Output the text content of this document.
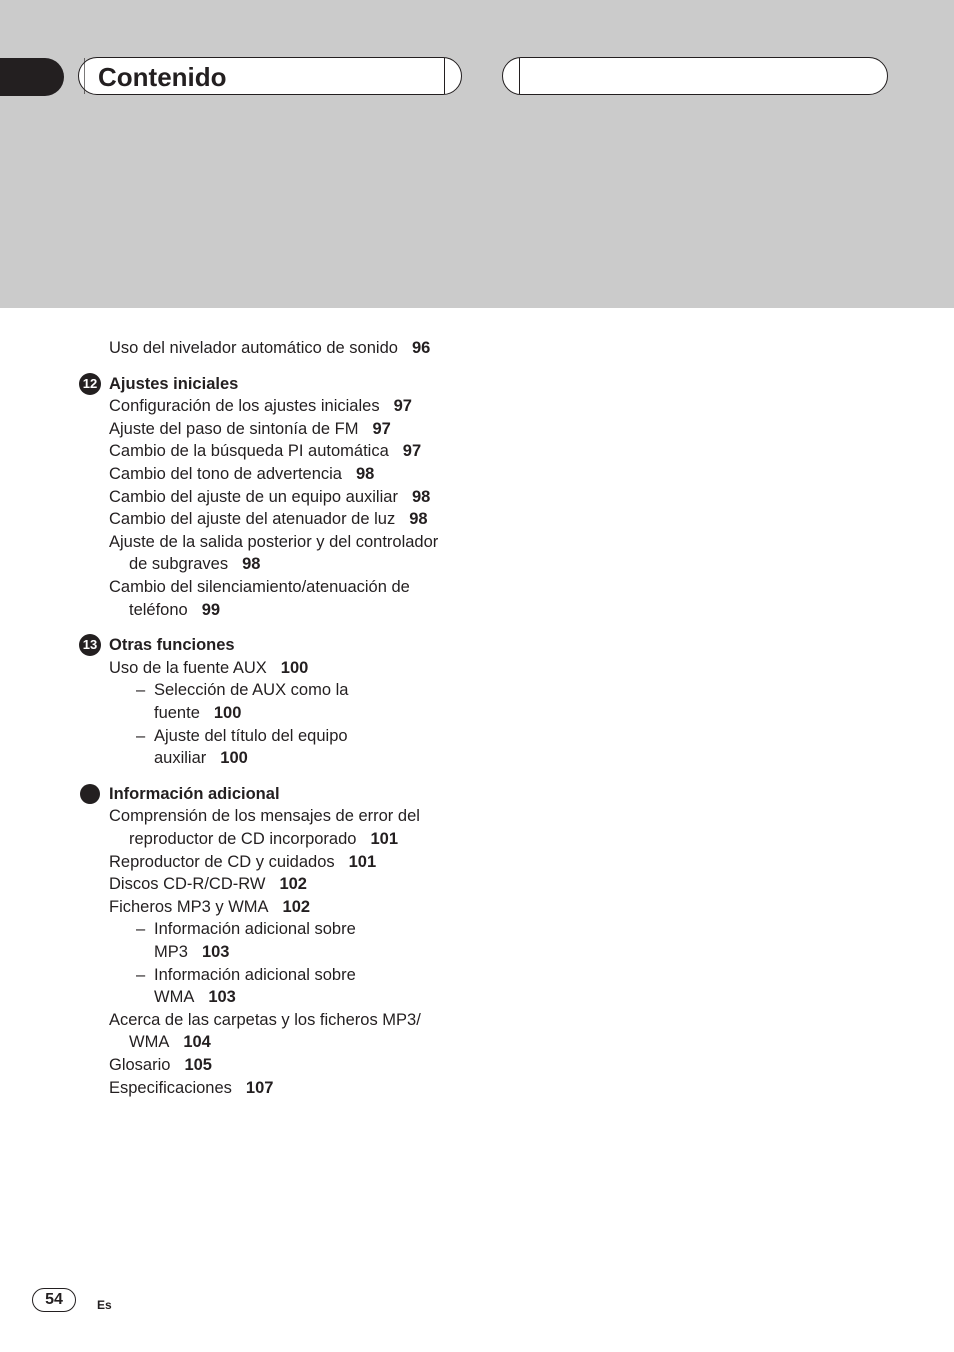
Contenido
Uso del nivelador automático de sonido 96
12 Ajustes iniciales
Configuración de los ajustes iniciales 97
Ajuste del paso de sintonía de FM 97
Cambio de la búsqueda PI automática 97
Cambio del tono de advertencia 98
Cambio del ajuste de un equipo auxiliar 98
Cambio del ajuste del atenuador de luz 98
Ajuste de la salida posterior y del controlador
de subgraves 98
Cambio del silenciamiento/atenuación de
teléfono 99
13 Otras funciones
Uso de la fuente AUX 100
– Selección de AUX como la
fuente 100
– Ajuste del título del equipo
auxiliar 100
Información adicional
Comprensión de los mensajes de error del
reproductor de CD incorporado 101
Reproductor de CD y cuidados 101
Discos CD-R/CD-RW 102
Ficheros MP3 y WMA 102
– Información adicional sobre
MP3 103
– Información adicional sobre
WMA 103
Acerca de las carpetas y los ficheros MP3/
WMA 104
Glosario 105
Especificaciones 107
54	Es
